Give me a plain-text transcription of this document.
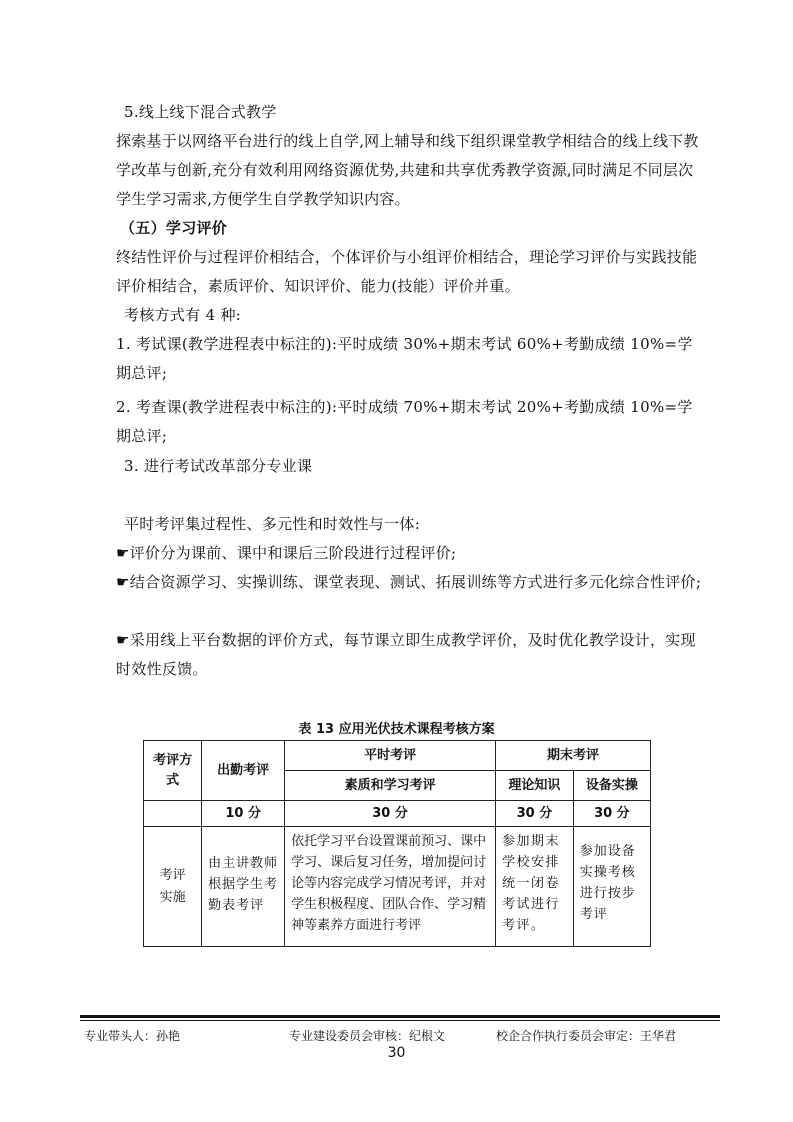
5.线上线下混合式教学
探索基于以网络平台进行的线上自学,网上辅导和线下组织课堂教学相结合的线上线下教学改革与创新,充分有效利用网络资源优势,共建和共享优秀教学资源,同时满足不同层次学生学习需求,方便学生自学教学知识内容。
（五）学习评价
终结性评价与过程评价相结合，个体评价与小组评价相结合，理论学习评价与实践技能评价相结合，素质评价、知识评价、能力(技能）评价并重。
考核方式有 4 种:
1. 考试课(教学进程表中标注的):平时成绩 30%+期末考试 60%+考勤成绩 10%=学期总评;
2. 考查课(教学进程表中标注的):平时成绩 70%+期末考试 20%+考勤成绩 10%=学期总评;
3. 进行考试改革部分专业课
平时考评集过程性、多元性和时效性与一体:
☛评价分为课前、课中和课后三阶段进行过程评价;
☛结合资源学习、实操训练、课堂表现、测试、拓展训练等方式进行多元化综合性评价;
☛采用线上平台数据的评价方式，每节课立即生成教学评价，及时优化教学设计，实现时效性反馈。
表 13 应用光伏技术课程考核方案
考评方式	出勤考评	平时考评	期末考评	
		素质和学习考评	理论知识	设备实操
	10 分	30 分	30 分	30 分
考评实施	由主讲教师根据学生考勤表考评	依托学习平台设置课前预习、课中学习、课后复习任务，增加提问讨论等内容完成学习情况考评，并对学生积极程度、团队合作、学习精神等素养方面进行考评	参加期末学校安排统一闭卷考试进行考评。	参加设备实操考核进行按步考评
专业带头人：孙艳	专业建设委员会审核：纪根文	校企合作执行委员会审定：王华君
30
